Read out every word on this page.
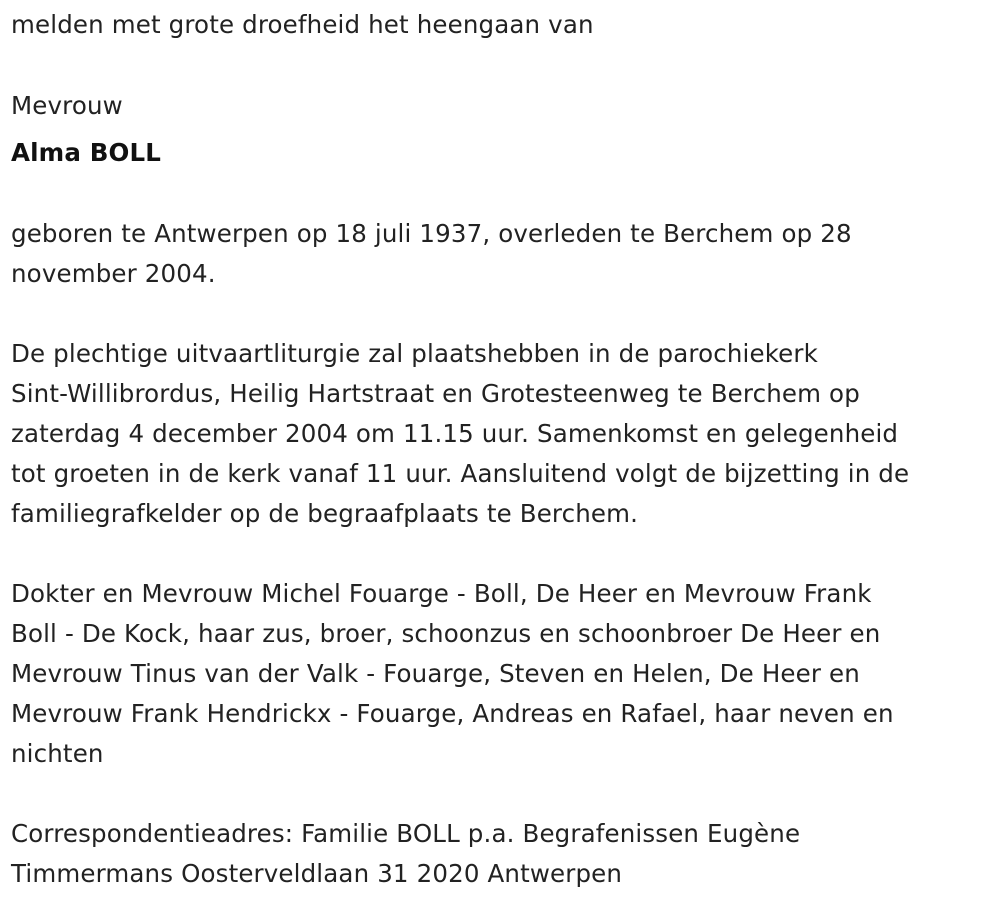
melden met grote droefheid het heengaan van
Mevrouw
Alma BOLL
geboren te Antwerpen op 18 juli 1937, overleden te Berchem op 28
november 2004.
De plechtige uitvaartliturgie zal plaatshebben in de parochiekerk
Sint-Willibrordus, Heilig Hartstraat en Grotesteenweg te Berchem op
zaterdag 4 december 2004 om 11.15 uur. Samenkomst en gelegenheid
tot groeten in de kerk vanaf 11 uur. Aansluitend volgt de bijzetting in de
familiegrafkelder op de begraafplaats te Berchem.
Dokter en Mevrouw Michel Fouarge - Boll, De Heer en Mevrouw Frank
Boll - De Kock, haar zus, broer, schoonzus en schoonbroer De Heer en
Mevrouw Tinus van der Valk - Fouarge, Steven en Helen, De Heer en
Mevrouw Frank Hendrickx - Fouarge, Andreas en Rafael, haar neven en
nichten
Correspondentieadres: Familie BOLL p.a. Begrafenissen Eugène
Timmermans Oosterveldlaan 31 2020 Antwerpen
